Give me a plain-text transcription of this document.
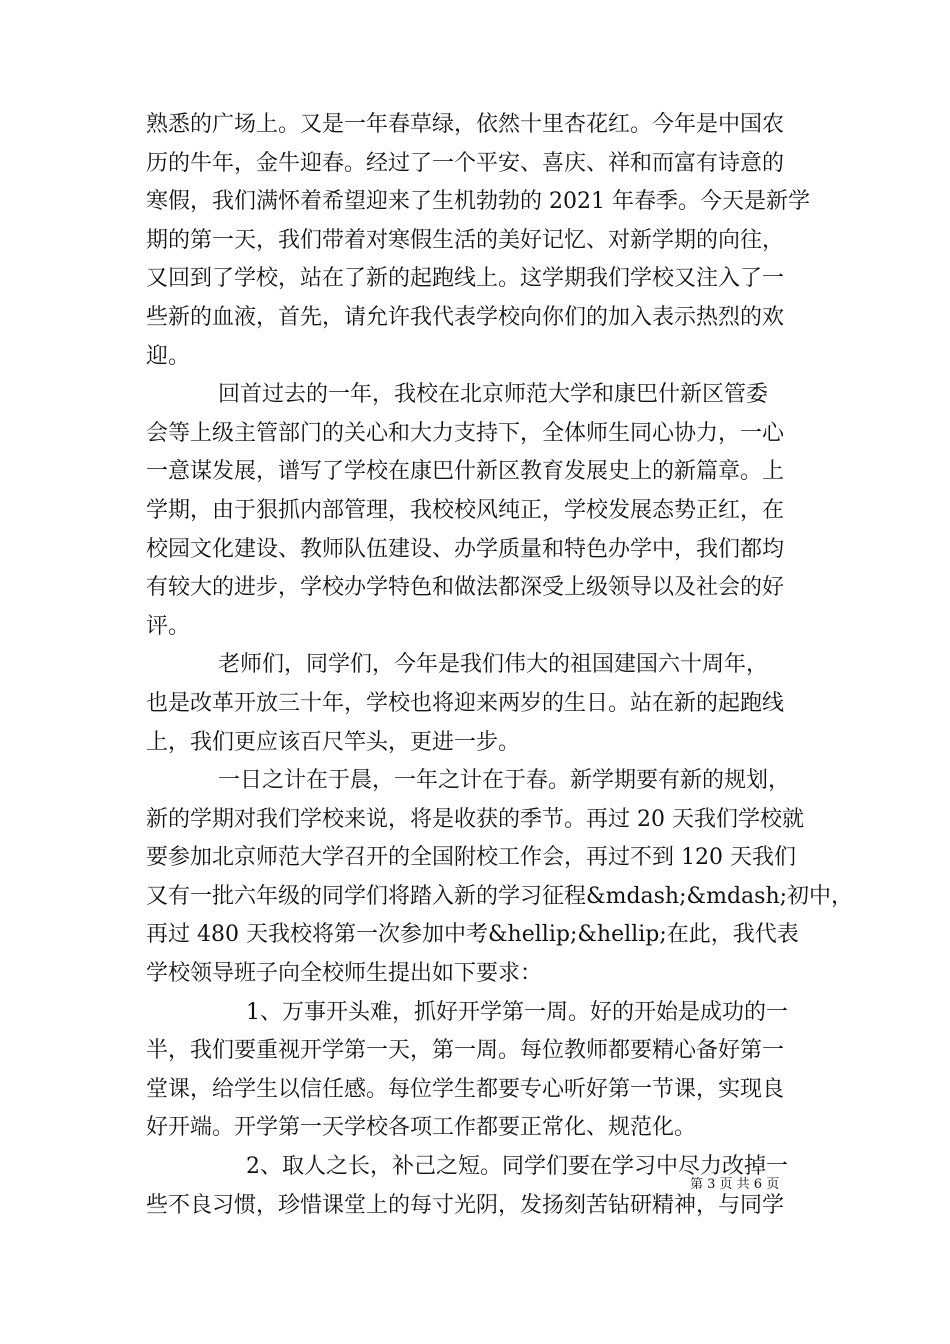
熟悉的广场上。又是一年春草绿，依然十里杏花红。今年是中国农
历的牛年，金牛迎春。经过了一个平安、喜庆、祥和而富有诗意的
寒假，我们满怀着希望迎来了生机勃勃的 2021 年春季。今天是新学
期的第一天，我们带着对寒假生活的美好记忆、对新学期的向往，
又回到了学校，站在了新的起跑线上。这学期我们学校又注入了一
些新的血液，首先，请允许我代表学校向你们的加入表示热烈的欢
迎。
回首过去的一年，我校在北京师范大学和康巴什新区管委
会等上级主管部门的关心和大力支持下，全体师生同心协力，一心
一意谋发展，谱写了学校在康巴什新区教育发展史上的新篇章。上
学期，由于狠抓内部管理，我校校风纯正，学校发展态势正红，在
校园文化建设、教师队伍建设、办学质量和特色办学中，我们都均
有较大的进步，学校办学特色和做法都深受上级领导以及社会的好
评。
老师们，同学们，今年是我们伟大的祖国建国六十周年，
也是改革开放三十年，学校也将迎来两岁的生日。站在新的起跑线
上，我们更应该百尺竿头，更进一步。
一日之计在于晨，一年之计在于春。新学期要有新的规划，
新的学期对我们学校来说，将是收获的季节。再过 20 天我们学校就
要参加北京师范大学召开的全国附校工作会，再过不到 120 天我们
又有一批六年级的同学们将踏入新的学习征程&mdash;&mdash;初中，
再过 480 天我校将第一次参加中考&hellip;&hellip;在此，我代表
学校领导班子向全校师生提出如下要求：
1、万事开头难，抓好开学第一周。好的开始是成功的一
半，我们要重视开学第一天，第一周。每位教师都要精心备好第一
堂课，给学生以信任感。每位学生都要专心听好第一节课，实现良
好开端。开学第一天学校各项工作都要正常化、规范化。
2、取人之长，补己之短。同学们要在学习中尽力改掉一
些不良习惯，珍惜课堂上的每寸光阴，发扬刻苦钻研精神，与同学
第 3 页 共 6 页
